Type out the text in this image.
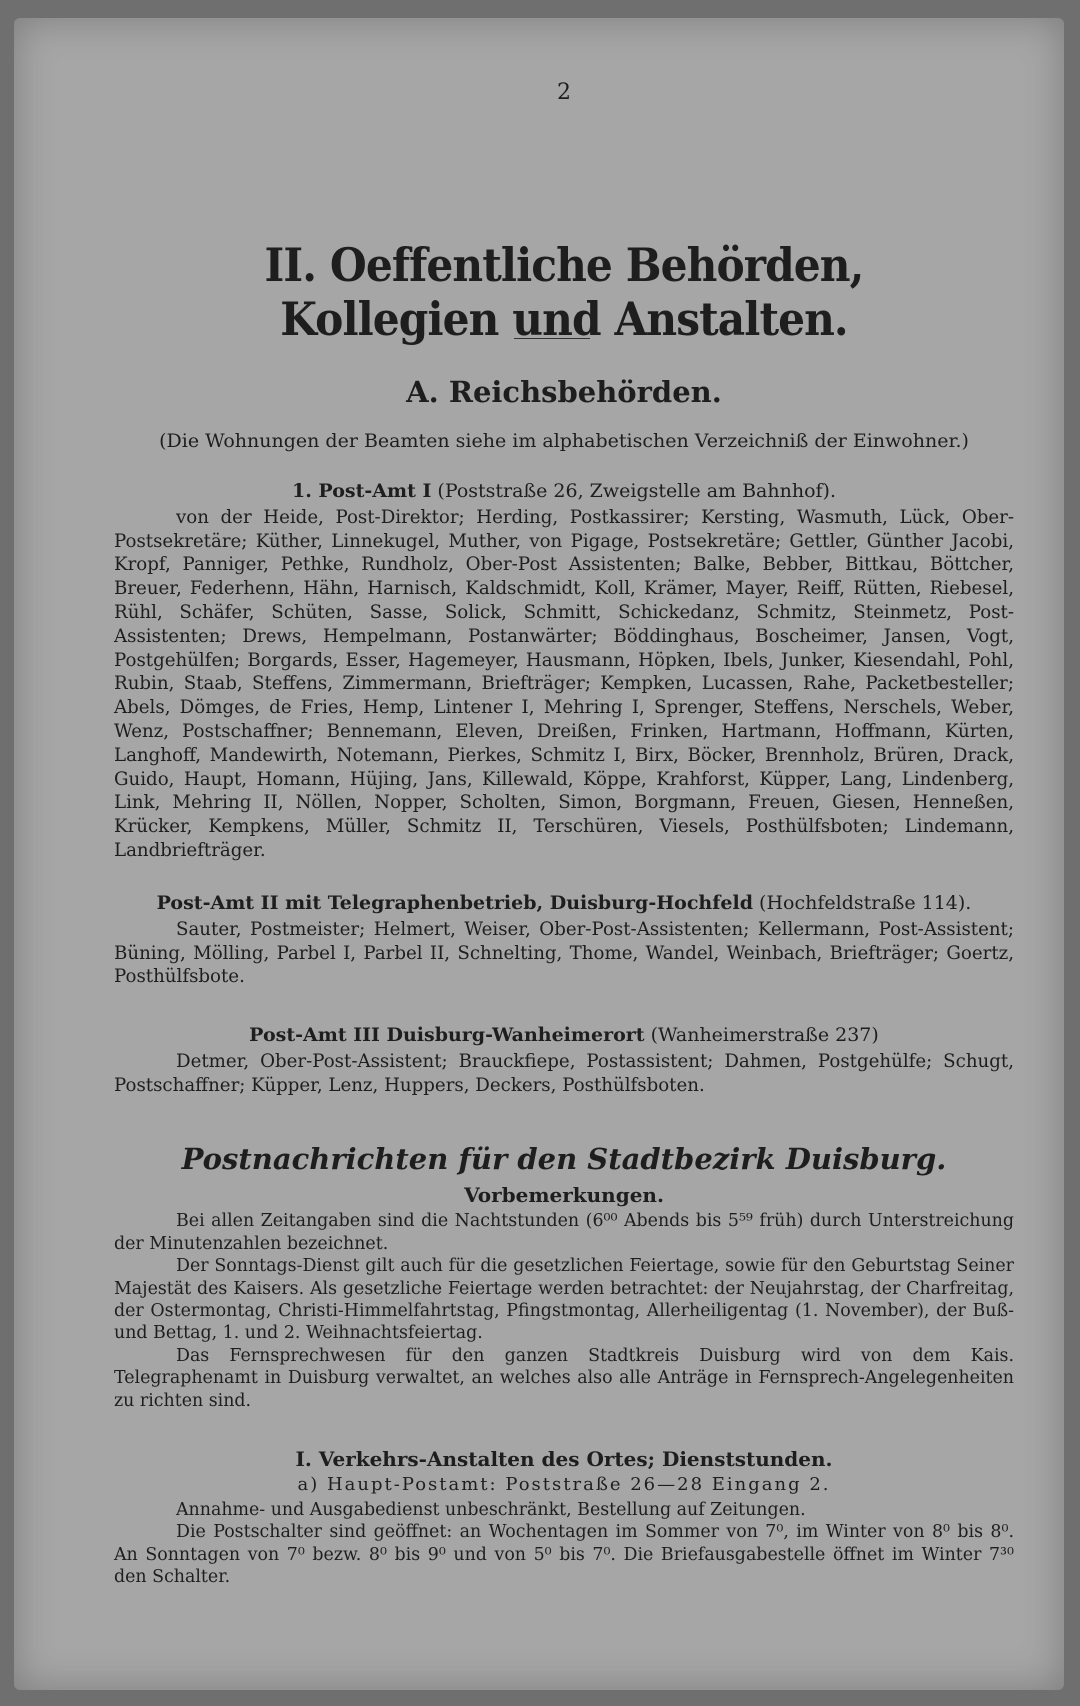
2
II. Oeffentliche Behörden, Kollegien und Anstalten.
A. Reichsbehörden.
(Die Wohnungen der Beamten siehe im alphabetischen Verzeichniß der Einwohner.)
1. Post-Amt I (Poststraße 26, Zweigstelle am Bahnhof).

von der Heide, Post-Direktor; Herding, Postkassirer; Kersting, Wasmuth, Lück, Ober-Postsekretäre; Küther, Linnekugel, Muther, von Pigage, Postsekretäre; Gettler, Günther Jacobi, Kropf, Panniger, Pethke, Rundholz, Ober-Post Assistenten; Balke, Bebber, Bittkau, Böttcher, Breuer, Federhenn, Hähn, Harnisch, Kaldschmidt, Koll, Krämer, Mayer, Reiff, Rütten, Riebesel, Rühl, Schäfer, Schüten, Sasse, Solick, Schmitt, Schickedanz, Schmitz, Steinmetz, Post-Assistenten; Drews, Hempelmann, Postanwärter; Böddinghaus, Boscheimer, Jansen, Vogt, Postgehülfen; Borgards, Esser, Hagemeyer, Hausmann, Höpken, Ibels, Junker, Kiesendahl, Pohl, Rubin, Staab, Steffens, Zimmermann, Briefträger; Kempken, Lucassen, Rahe, Packetbesteller; Abels, Dömges, de Fries, Hemp, Lintener I, Mehring I, Sprenger, Steffens, Nerschels, Weber, Wenz, Postschaffner; Bennemann, Eleven, Dreißen, Frinken, Hartmann, Hoffmann, Kürten, Langhoff, Mandewirth, Notemann, Pierkes, Schmitz I, Birx, Böcker, Brennholz, Brüren, Drack, Guido, Haupt, Homann, Hüjing, Jans, Killewald, Köppe, Krahforst, Küpper, Lang, Lindenberg, Link, Mehring II, Nöllen, Nopper, Scholten, Simon, Borgmann, Freuen, Giesen, Henneßen, Krücker, Kempkens, Müller, Schmitz II, Terschüren, Viesels, Posthülfsboten; Lindemann, Landbriefträger.

Post-Amt II mit Telegraphenbetrieb, Duisburg-Hochfeld (Hochfeldstraße 114).

Sauter, Postmeister; Helmert, Weiser, Ober-Post-Assistenten; Kellermann, Post-Assistent; Büning, Mölling, Parbel I, Parbel II, Schnelting, Thome, Wandel, Weinbach, Briefträger; Goertz, Posthülfsbote.

Post-Amt III Duisburg-Wanheimerort (Wanheimerstraße 237)

Detmer, Ober-Post-Assistent; Brauckfiepe, Postassistent; Dahmen, Postgehülfe; Schugt, Postschaffner; Küpper, Lenz, Huppers, Deckers, Posthülfsboten.

Postnachrichten für den Stadtbezirk Duisburg.
Vorbemerkungen.

Bei allen Zeitangaben sind die Nachtstunden (6⁰⁰ Abends bis 5⁵⁹ früh) durch Unterstreichung der Minutenzahlen bezeichnet.

Der Sonntags-Dienst gilt auch für die gesetzlichen Feiertage, sowie für den Geburtstag Seiner Majestät des Kaisers. Als gesetzliche Feiertage werden betrachtet: der Neujahrstag, der Charfreitag, der Ostermontag, Christi-Himmelfahrtstag, Pfingstmontag, Allerheiligentag (1. November), der Buß- und Bettag, 1. und 2. Weihnachtsfeiertag.

Das Fernsprechwesen für den ganzen Stadtkreis Duisburg wird von dem Kais. Telegraphenamt in Duisburg verwaltet, an welches also alle Anträge in Fernsprech-Angelegenheiten zu richten sind.

I. Verkehrs-Anstalten des Ortes; Dienststunden.
a) Haupt-Postamt: Poststraße 26—28 Eingang 2.

Annahme- und Ausgabedienst unbeschränkt, Bestellung auf Zeitungen.

Die Postschalter sind geöffnet: an Wochentagen im Sommer von 7⁰, im Winter von 8⁰ bis 8⁰. An Sonntagen von 7⁰ bezw. 8⁰ bis 9⁰ und von 5⁰ bis 7⁰. Die Briefausgabestelle öffnet im Winter 7³⁰ den Schalter.
